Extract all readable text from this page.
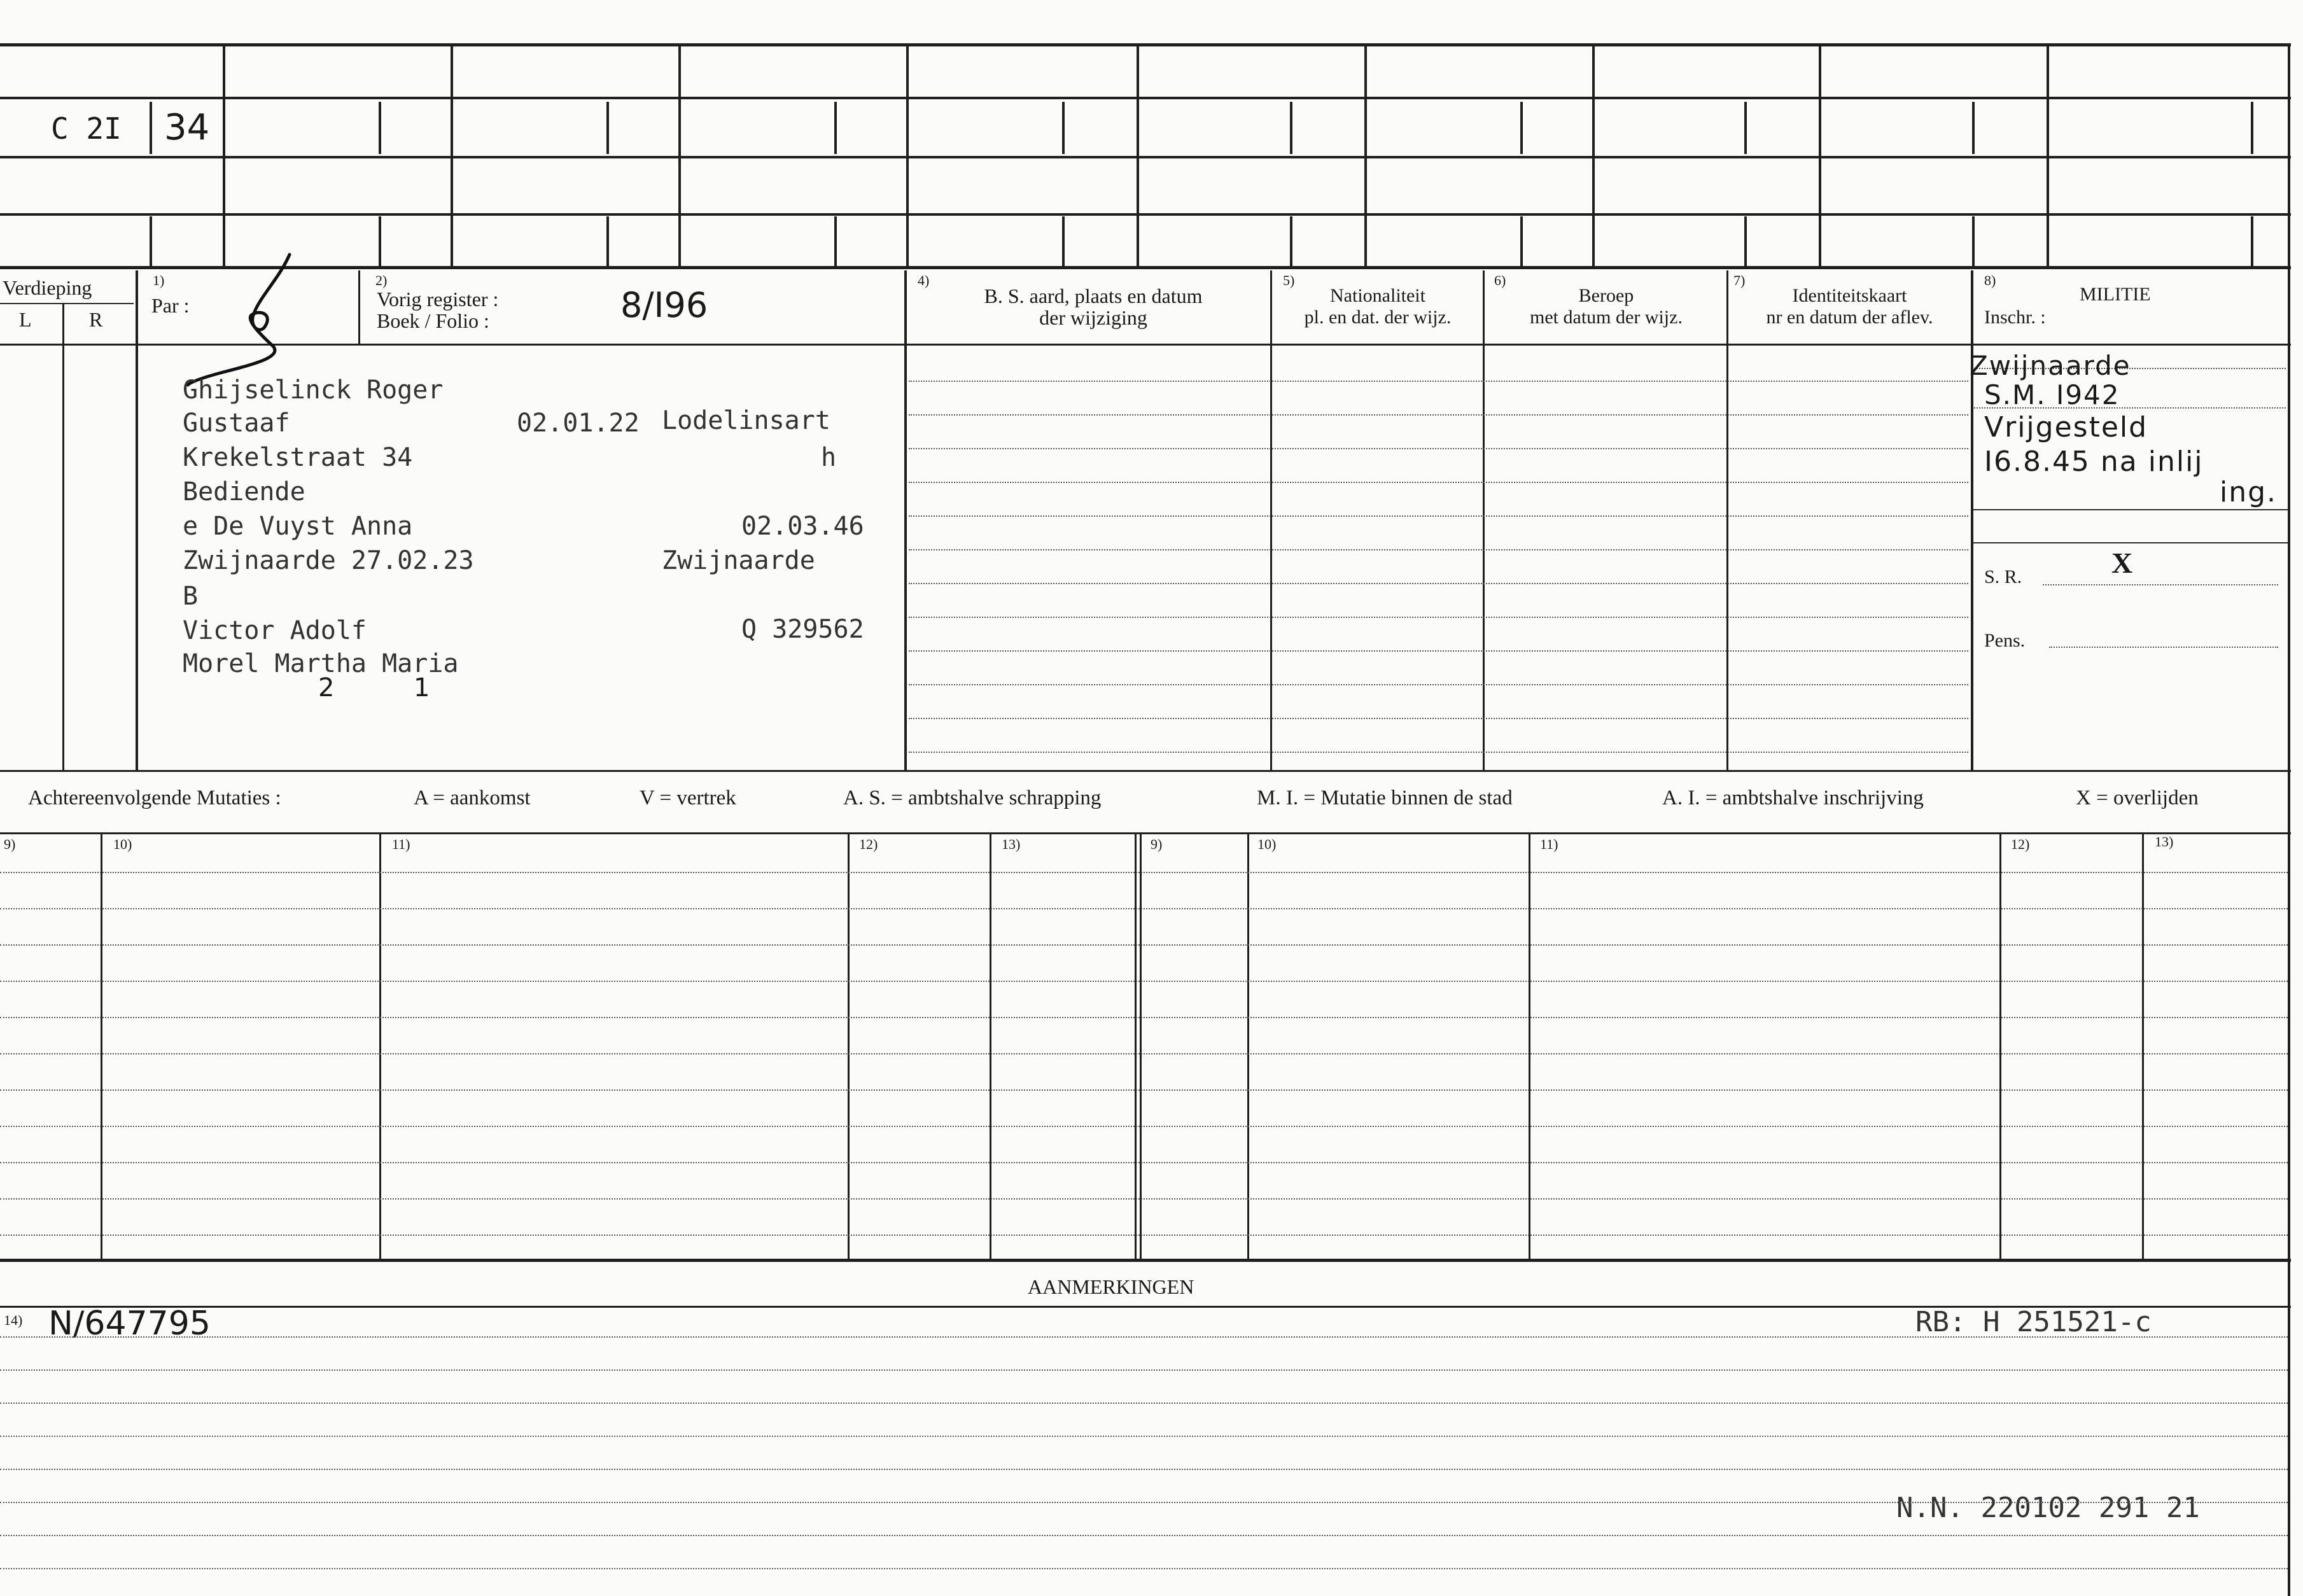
C 2I 34
Verdieping
L	R
1)
Par :
2)
Vorig register :
Boek / Folio :	8/I96
4)
B. S. aard, plaats en datum
der wijziging
5)
Nationaliteit
pl. en dat. der wijz.
6)
Beroep
met datum der wijz.
7)
Identiteitskaart
nr en datum der aflev.
8)
MILITIE
Inschr. :
Ghijselinck Roger
Gustaaf	02.01.22 Lodelinsart
Krekelstraat 34	h
Bediende
e De Vuyst Anna	02.03.46
Zwijnaarde 27.02.23	Zwijnaarde
B
Victor Adolf	Q 329562
Morel Martha Maria
2	1
Zwijnaarde
S.M. I942
Vrijgesteld
I6.8.45 na inlij
ing.
S. R.	X
Pens.
Achtereenvolgende Mutaties :	A = aankomst	V = vertrek	A. S. = ambtshalve schrapping	M. I. = Mutatie binnen de stad	A. I. = ambtshalve inschrijving	X = overlijden
9)	10)	11)	12)	13)	9)	10)	11)	12)	13)
AANMERKINGEN
14) N/647795	RB: H 251521-c
N.N. 220102 291 21
